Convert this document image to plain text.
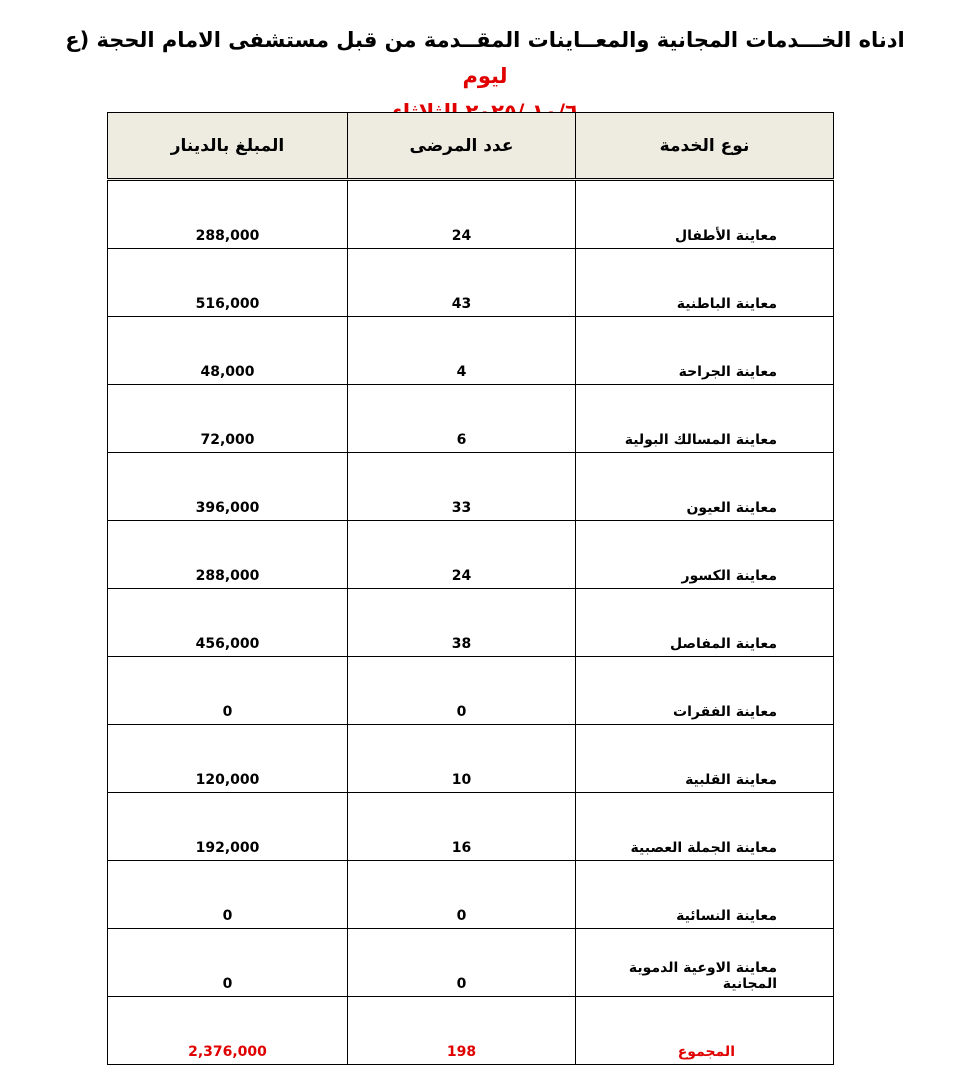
ادناه الخـــدمات المجانية والمعــاينات المقــدمة من قبل مستشفى الامام الحجة (ع ليوم
نوع الخدمة	عدد المرضى	المبلغ بالدينار
معاينة الأطفال	24	288,000
معاينة الباطنية	43	516,000
معاينة الجراحة	4	48,000
معاينة المسالك البولية	6	72,000
معاينة العيون	33	396,000
معاينة الكسور	24	288,000
معاينة المفاصل	38	456,000
معاينة الفقرات	0	0
معاينة القلبية	10	120,000
معاينة الجملة العصبية	16	192,000
معاينة النسائية	0	0
معاينة الاوعية الدموية المجانية	0	0
المجموع	198	2,376,000
